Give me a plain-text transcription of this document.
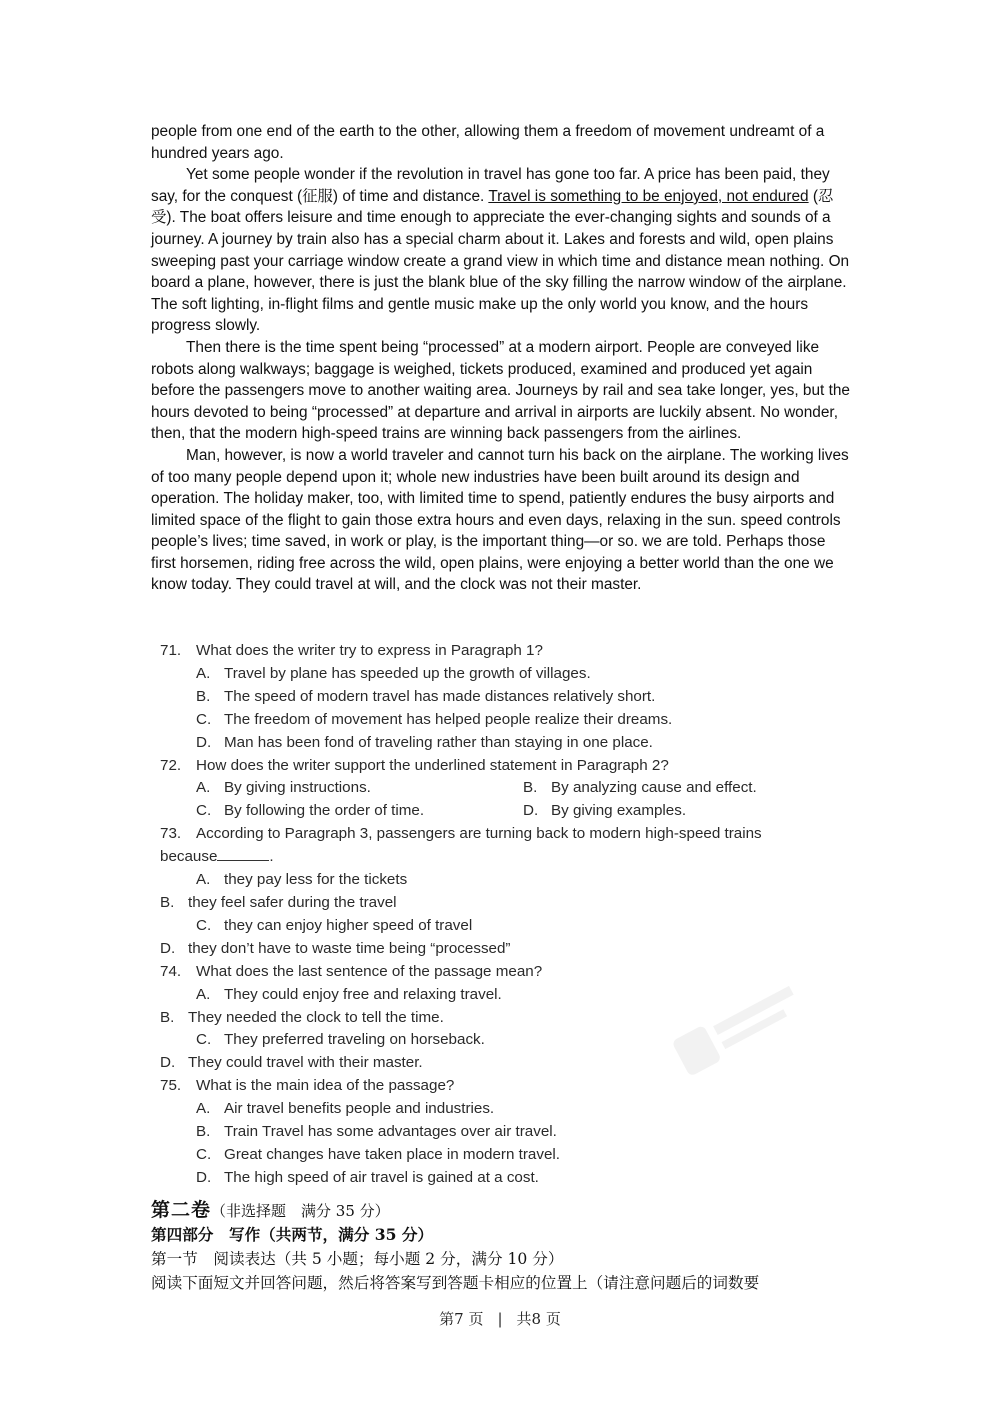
people from one end of the earth to the other, allowing them a freedom of movement undreamt of a hundred years ago.

Yet some people wonder if the revolution in travel has gone too far. A price has been paid, they say, for the conquest (征服) of time and distance. Travel is something to be enjoyed, not endured (忍受). The boat offers leisure and time enough to appreciate the ever-changing sights and sounds of a journey. A journey by train also has a special charm about it. Lakes and forests and wild, open plains sweeping past your carriage window create a grand view in which time and distance mean nothing. On board a plane, however, there is just the blank blue of the sky filling the narrow window of the airplane. The soft lighting, in-flight films and gentle music make up the only world you know, and the hours progress slowly.

Then there is the time spent being “processed” at a modern airport. People are conveyed like robots along walkways; baggage is weighed, tickets produced, examined and produced yet again before the passengers move to another waiting area. Journeys by rail and sea take longer, yes, but the hours devoted to being “processed” at departure and arrival in airports are luckily absent. No wonder, then, that the modern high-speed trains are winning back passengers from the airlines.

Man, however, is now a world traveler and cannot turn his back on the airplane. The working lives of too many people depend upon it; whole new industries have been built around its design and operation. The holiday maker, too, with limited time to spend, patiently endures the busy airports and limited space of the flight to gain those extra hours and even days, relaxing in the sun. speed controls people’s lives; time saved, in work or play, is the important thing—or so. we are told. Perhaps those first horsemen, riding free across the wild, open plains, were enjoying a better world than the one we know today. They could travel at will, and the clock was not their master.

71. What does the writer try to express in Paragraph 1?

A. Travel by plane has speeded up the growth of villages.

B. The speed of modern travel has made distances relatively short.

C. The freedom of movement has helped people realize their dreams.

D. Man has been fond of traveling rather than staying in one place.

72. How does the writer support the underlined statement in Paragraph 2?

A. By giving instructions.	B. By analyzing cause and effect.
C. By following the order of time.	D. By giving examples.

73. According to Paragraph 3, passengers are turning back to modern high-speed trains

because	.

A. they pay less for the tickets

B. they feel safer during the travel

C. they can enjoy higher speed of travel

D. they don’t have to waste time being “processed”

74. What does the last sentence of the passage mean?

A. They could enjoy free and relaxing travel.

B. They needed the clock to tell the time.

C. They preferred traveling on horseback.

D. They could travel with their master.

75. What is the main idea of the passage?

A. Air travel benefits people and industries.

B. Train Travel has some advantages over air travel.

C. Great changes have taken place in modern travel.

D. The high speed of air travel is gained at a cost.

第二卷（非选择题　满分 35 分）

第四部分　写作（共两节，满分 35 分）

第一节　阅读表达（共 5 小题；每小题 2 分，满分 10 分）

阅读下面短文并回答问题，然后将答案写到答题卡相应的位置上（请注意问题后的词数要

第7 页 | 共8 页
